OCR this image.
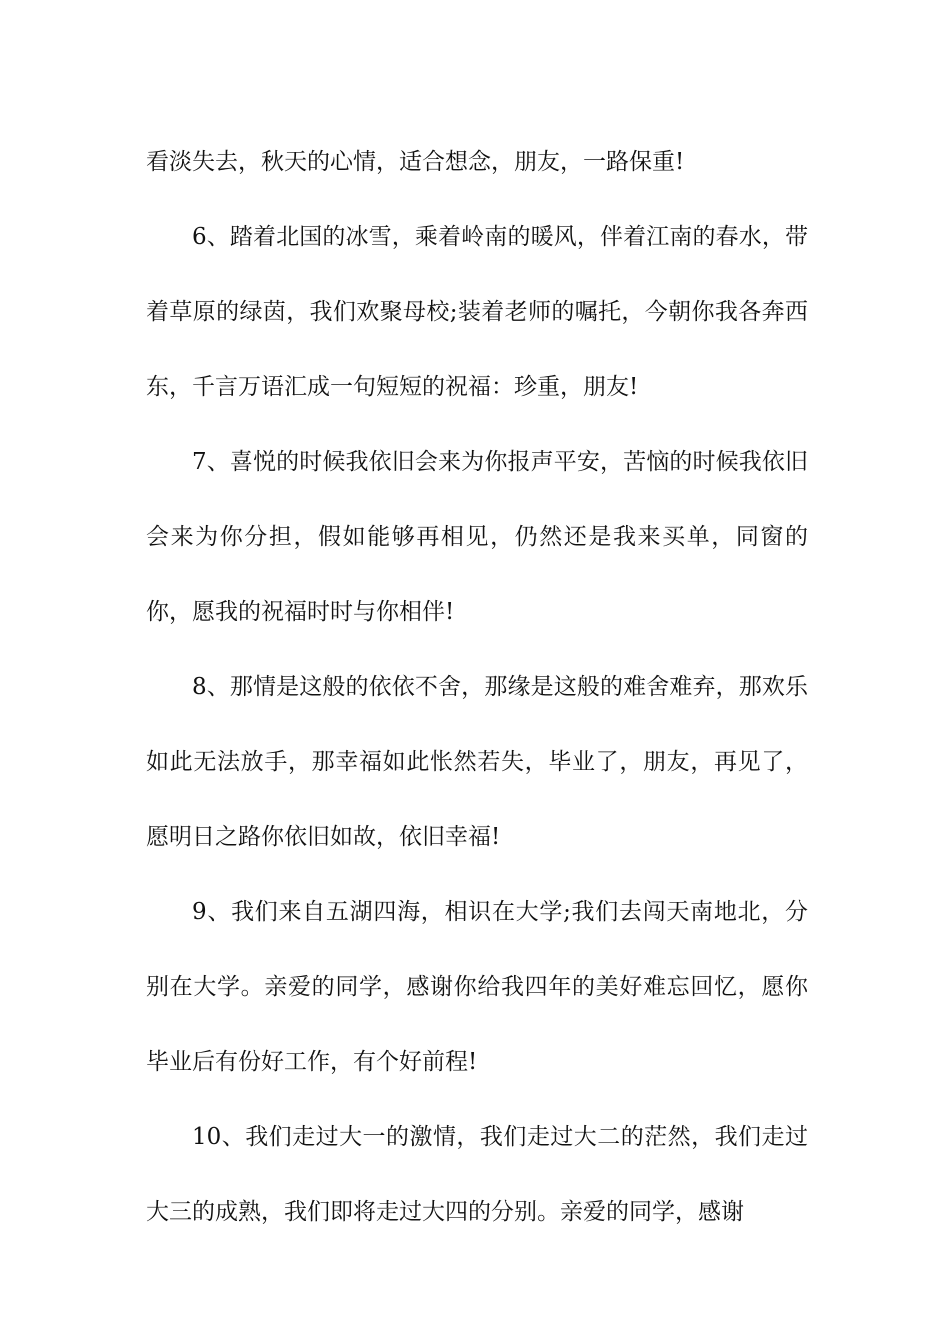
看淡失去，秋天的心情，适合想念，朋友，一路保重!

6、踏着北国的冰雪，乘着岭南的暖风，伴着江南的春水，带着草原的绿茵，我们欢聚母校;装着老师的嘱托，今朝你我各奔西东，千言万语汇成一句短短的祝福：珍重，朋友!

7、喜悦的时候我依旧会来为你报声平安，苦恼的时候我依旧会来为你分担，假如能够再相见，仍然还是我来买单，同窗的你，愿我的祝福时时与你相伴!

8、那情是这般的依依不舍，那缘是这般的难舍难弃，那欢乐如此无法放手，那幸福如此怅然若失，毕业了，朋友，再见了，愿明日之路你依旧如故，依旧幸福!

9、我们来自五湖四海，相识在大学;我们去闯天南地北，分别在大学。亲爱的同学，感谢你给我四年的美好难忘回忆，愿你毕业后有份好工作，有个好前程!

10、我们走过大一的激情，我们走过大二的茫然，我们走过大三的成熟，我们即将走过大四的分别。亲爱的同学，感谢
